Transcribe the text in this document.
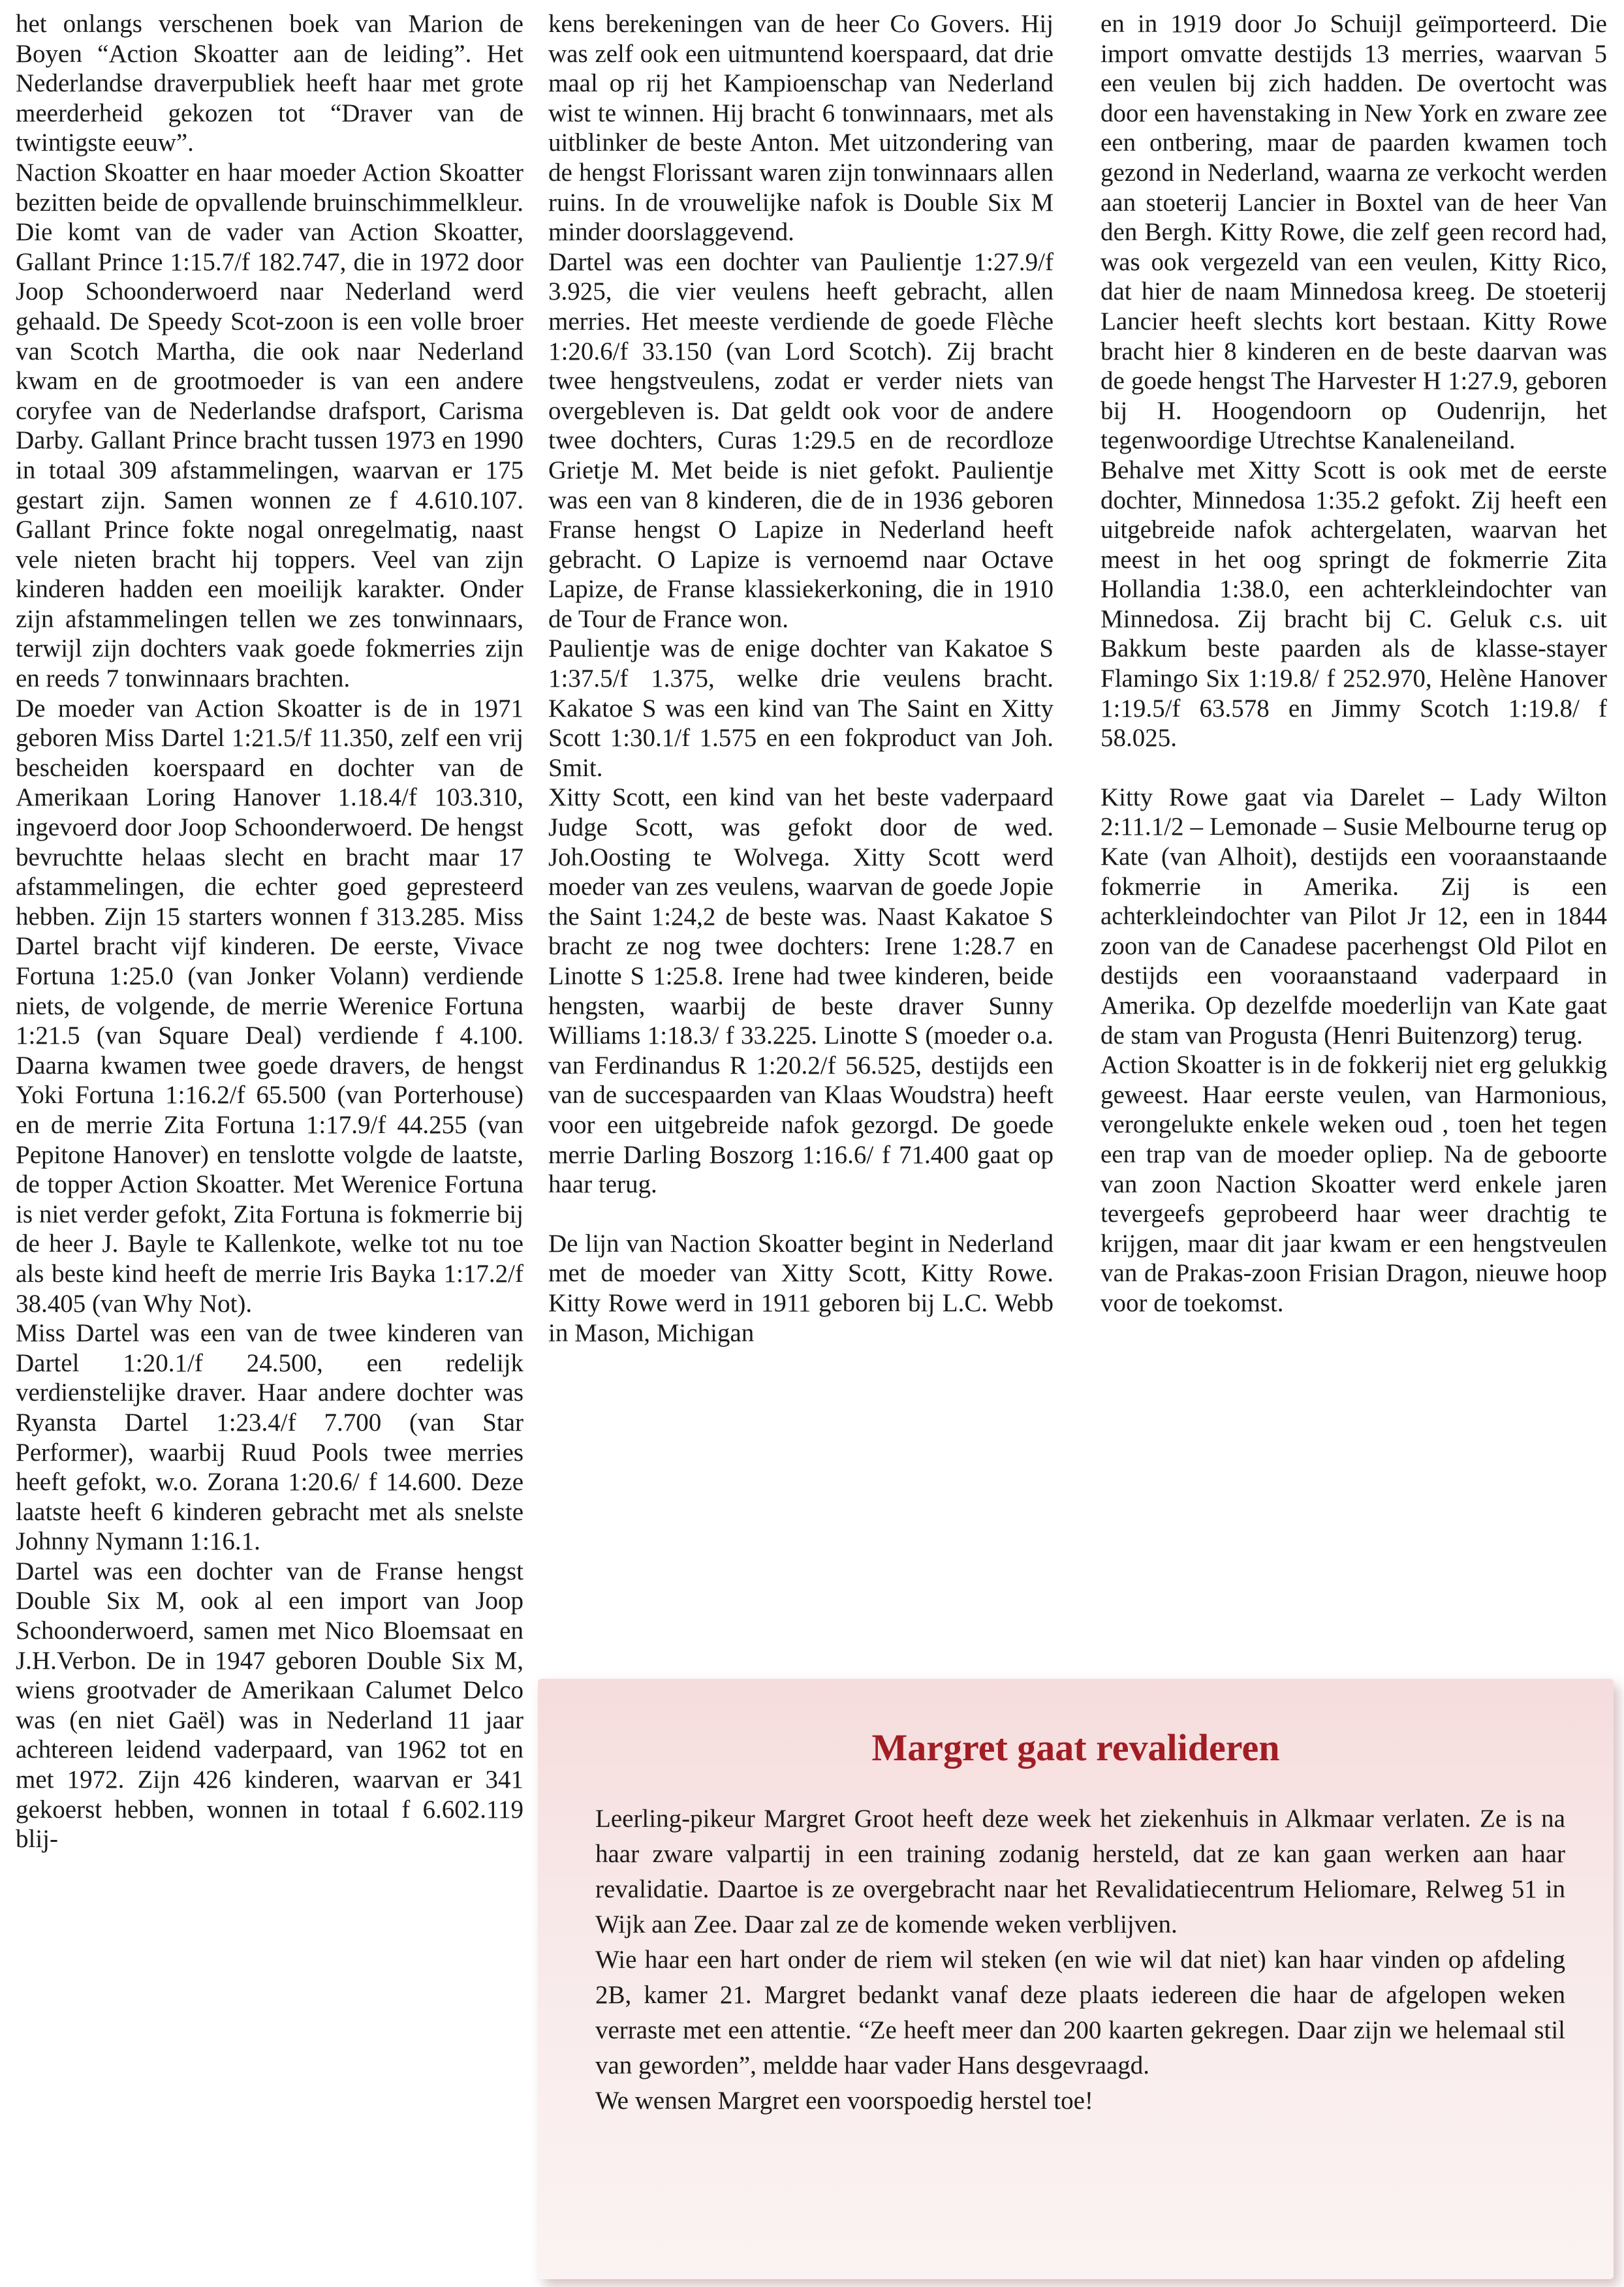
het onlangs verschenen boek van Marion de Boyen “Action Skoatter aan de leiding”. Het Nederlandse draverpubliek heeft haar met grote meerderheid gekozen tot “Draver van de twintigste eeuw”.

Naction Skoatter en haar moeder Action Skoatter bezitten beide de opvallende bruinschimmelkleur. Die komt van de vader van Action Skoatter, Gallant Prince 1:15.7/f 182.747, die in 1972 door Joop Schoonderwoerd naar Nederland werd gehaald. De Speedy Scot-zoon is een volle broer van Scotch Martha, die ook naar Nederland kwam en de grootmoeder is van een andere coryfee van de Nederlandse drafsport, Carisma Darby. Gallant Prince bracht tussen 1973 en 1990 in totaal 309 afstammelingen, waarvan er 175 gestart zijn. Samen wonnen ze f 4.610.107. Gallant Prince fokte nogal onregelmatig, naast vele nieten bracht hij toppers. Veel van zijn kinderen hadden een moeilijk karakter. Onder zijn afstammelingen tellen we zes tonwinnaars, terwijl zijn dochters vaak goede fokmerries zijn en reeds 7 tonwinnaars brachten.

De moeder van Action Skoatter is de in 1971 geboren Miss Dartel 1:21.5/f 11.350, zelf een vrij bescheiden koerspaard en dochter van de Amerikaan Loring Hanover 1.18.4/f 103.310, ingevoerd door Joop Schoonderwoerd. De hengst bevruchtte helaas slecht en bracht maar 17 afstammelingen, die echter goed gepresteerd hebben. Zijn 15 starters wonnen f 313.285. Miss Dartel bracht vijf kinderen. De eerste, Vivace Fortuna 1:25.0 (van Jonker Volann) verdiende niets, de volgende, de merrie Werenice Fortuna 1:21.5 (van Square Deal) verdiende f 4.100. Daarna kwamen twee goede dravers, de hengst Yoki Fortuna 1:16.2/f 65.500 (van Porterhouse) en de merrie Zita Fortuna 1:17.9/f 44.255 (van Pepitone Hanover) en tenslotte volgde de laatste, de topper Action Skoatter. Met Werenice Fortuna is niet verder gefokt, Zita Fortuna is fokmerrie bij de heer J. Bayle te Kallenkote, welke tot nu toe als beste kind heeft de merrie Iris Bayka 1:17.2/f 38.405 (van Why Not).

Miss Dartel was een van de twee kinderen van Dartel 1:20.1/f 24.500, een redelijk verdienstelijke draver. Haar andere dochter was Ryansta Dartel 1:23.4/f 7.700 (van Star Performer), waarbij Ruud Pools twee merries heeft gefokt, w.o. Zorana 1:20.6/ f 14.600. Deze laatste heeft 6 kinderen gebracht met als snelste Johnny Nymann 1:16.1.

Dartel was een dochter van de Franse hengst Double Six M, ook al een import van Joop Schoonderwoerd, samen met Nico Bloemsaat en J.H.Verbon. De in 1947 geboren Double Six M, wiens grootvader de Amerikaan Calumet Delco was (en niet Gaël) was in Nederland 11 jaar achtereen leidend vaderpaard, van 1962 tot en met 1972. Zijn 426 kinderen, waarvan er 341 gekoerst hebben, wonnen in totaal f 6.602.119 blij-

kens berekeningen van de heer Co Govers. Hij was zelf ook een uitmuntend koerspaard, dat drie maal op rij het Kampioenschap van Nederland wist te winnen. Hij bracht 6 tonwinnaars, met als uitblinker de beste Anton. Met uitzondering van de hengst Florissant waren zijn tonwinnaars allen ruins. In de vrouwelijke nafok is Double Six M minder doorslaggevend.

Dartel was een dochter van Paulientje 1:27.9/f 3.925, die vier veulens heeft gebracht, allen merries. Het meeste verdiende de goede Flèche 1:20.6/f 33.150 (van Lord Scotch). Zij bracht twee hengstveulens, zodat er verder niets van overgebleven is. Dat geldt ook voor de andere twee dochters, Curas 1:29.5 en de recordloze Grietje M. Met beide is niet gefokt. Paulientje was een van 8 kinderen, die de in 1936 geboren Franse hengst O Lapize in Nederland heeft gebracht. O Lapize is vernoemd naar Octave Lapize, de Franse klassiekerkoning, die in 1910 de Tour de France won.

Paulientje was de enige dochter van Kakatoe S 1:37.5/f 1.375, welke drie veulens bracht. Kakatoe S was een kind van The Saint en Xitty Scott 1:30.1/f 1.575 en een fokproduct van Joh. Smit.

Xitty Scott, een kind van het beste vaderpaard Judge Scott, was gefokt door de wed. Joh.Oosting te Wolvega. Xitty Scott werd moeder van zes veulens, waarvan de goede Jopie the Saint 1:24,2 de beste was. Naast Kakatoe S bracht ze nog twee dochters: Irene 1:28.7 en Linotte S 1:25.8. Irene had twee kinderen, beide hengsten, waarbij de beste draver Sunny Williams 1:18.3/ f 33.225. Linotte S (moeder o.a. van Ferdinandus R 1:20.2/f 56.525, destijds een van de succespaarden van Klaas Woudstra) heeft voor een uitgebreide nafok gezorgd. De goede merrie Darling Boszorg 1:16.6/ f 71.400 gaat op haar terug.

De lijn van Naction Skoatter begint in Nederland met de moeder van Xitty Scott, Kitty Rowe. Kitty Rowe werd in 1911 geboren bij L.C. Webb in Mason, Michigan

en in 1919 door Jo Schuijl geïmporteerd. Die import omvatte destijds 13 merries, waarvan 5 een veulen bij zich hadden. De overtocht was door een havenstaking in New York en zware zee een ontbering, maar de paarden kwamen toch gezond in Nederland, waarna ze verkocht werden aan stoeterij Lancier in Boxtel van de heer Van den Bergh. Kitty Rowe, die zelf geen record had, was ook vergezeld van een veulen, Kitty Rico, dat hier de naam Minnedosa kreeg. De stoeterij Lancier heeft slechts kort bestaan. Kitty Rowe bracht hier 8 kinderen en de beste daarvan was de goede hengst The Harvester H 1:27.9, geboren bij H. Hoogendoorn op Oudenrijn, het tegenwoordige Utrechtse Kanaleneiland.

Behalve met Xitty Scott is ook met de eerste dochter, Minnedosa 1:35.2 gefokt. Zij heeft een uitgebreide nafok achtergelaten, waarvan het meest in het oog springt de fokmerrie Zita Hollandia 1:38.0, een achterkleindochter van Minnedosa. Zij bracht bij C. Geluk c.s. uit Bakkum beste paarden als de klasse-stayer Flamingo Six 1:19.8/ f 252.970, Helène Hanover 1:19.5/f 63.578 en Jimmy Scotch 1:19.8/ f 58.025.

Kitty Rowe gaat via Darelet – Lady Wilton 2:11.1/2 – Lemonade – Susie Melbourne terug op Kate (van Alhoit), destijds een vooraanstaande fokmerrie in Amerika. Zij is een achterkleindochter van Pilot Jr 12, een in 1844 zoon van de Canadese pacerhengst Old Pilot en destijds een vooraanstaand vaderpaard in Amerika. Op dezelfde moederlijn van Kate gaat de stam van Progusta (Henri Buitenzorg) terug.

Action Skoatter is in de fokkerij niet erg gelukkig geweest. Haar eerste veulen, van Harmonious, verongelukte enkele weken oud , toen het tegen een trap van de moeder opliep. Na de geboorte van zoon Naction Skoatter werd enkele jaren tevergeefs geprobeerd haar weer drachtig te krijgen, maar dit jaar kwam er een hengstveulen van de Prakas-zoon Frisian Dragon, nieuwe hoop voor de toekomst.

Margret gaat revalideren

Leerling-pikeur Margret Groot heeft deze week het ziekenhuis in Alkmaar verlaten. Ze is na haar zware valpartij in een training zodanig hersteld, dat ze kan gaan werken aan haar revalidatie. Daartoe is ze overgebracht naar het Revalidatiecentrum Heliomare, Relweg 51 in Wijk aan Zee. Daar zal ze de komende weken verblijven.

Wie haar een hart onder de riem wil steken (en wie wil dat niet) kan haar vinden op afdeling 2B, kamer 21. Margret bedankt vanaf deze plaats iedereen die haar de afgelopen weken verraste met een attentie. “Ze heeft meer dan 200 kaarten gekregen. Daar zijn we helemaal stil van geworden”, meldde haar vader Hans desgevraagd.

We wensen Margret een voorspoedig herstel toe!
